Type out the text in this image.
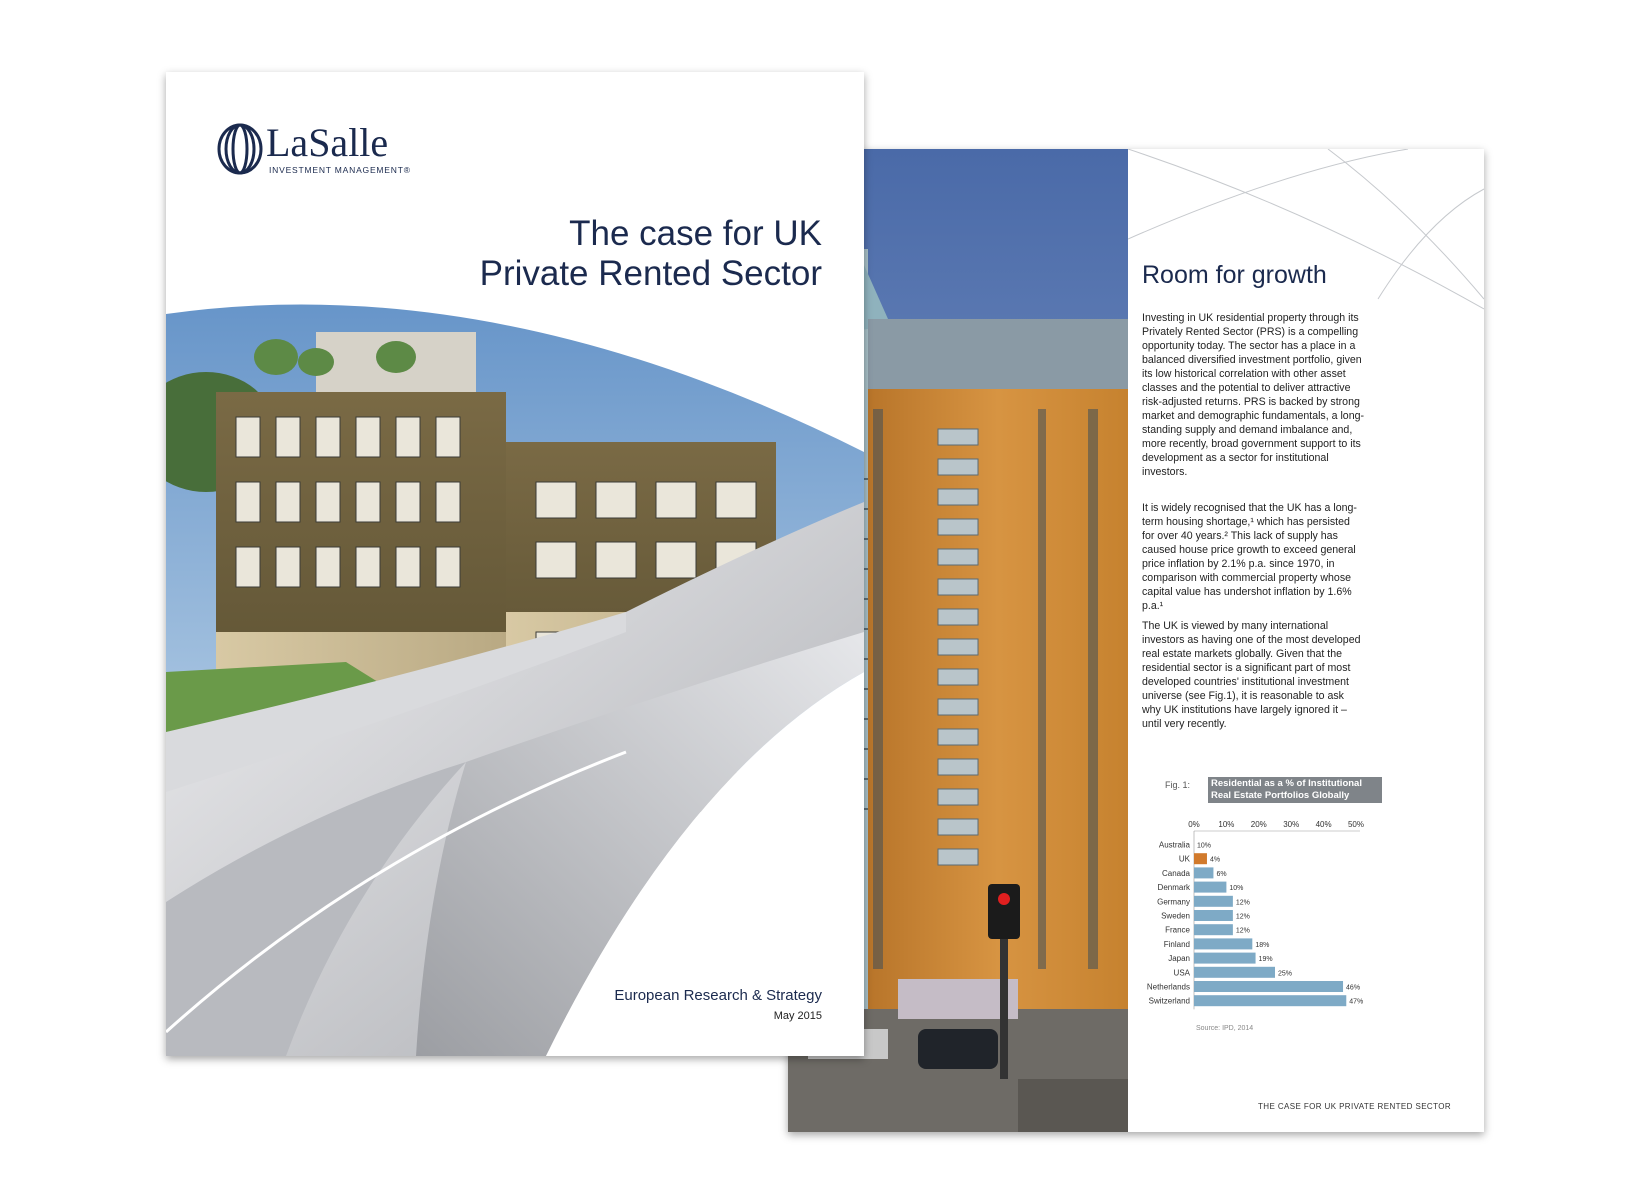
Room for growth

Investing in UK residential property through its Privately Rented Sector (PRS) is a compelling opportunity today. The sector has a place in a balanced diversified investment portfolio, given its low historical correlation with other asset classes and the potential to deliver attractive risk-adjusted returns. PRS is backed by strong market and demographic fundamentals, a long-standing supply and demand imbalance and, more recently, broad government support to its development as a sector for institutional investors.

It is widely recognised that the UK has a long-term housing shortage,¹ which has persisted for over 40 years.² This lack of supply has caused house price growth to exceed general price inflation by 2.1% p.a. since 1970, in comparison with commercial property whose capital value has undershot inflation by 1.6% p.a.¹

The UK is viewed by many international investors as having one of the most developed real estate markets globally. Given that the residential sector is a significant part of most developed countries' institutional investment universe (see Fig.1), it is reasonable to ask why UK institutions have largely ignored it – until very recently.

Fig. 1:	Residential as a % of Institutional Real Estate Portfolios Globally
0% 10% 20% 30% 40% 50%
Australia 10%
UK	4%
Canada	6%
Denmark	10%
Germany	12%
Sweden	12%
France	12%
Finland	18%
Japan	19%
USA	25%
Netherlands	46%
Switzerland	47%
Source: IPD, 2014
THE CASE FOR UK PRIVATE RENTED SECTOR
LaSalle
INVESTMENT MANAGEMENT®
The case for UK
Private Rented Sector
European Research & Strategy
May 2015
